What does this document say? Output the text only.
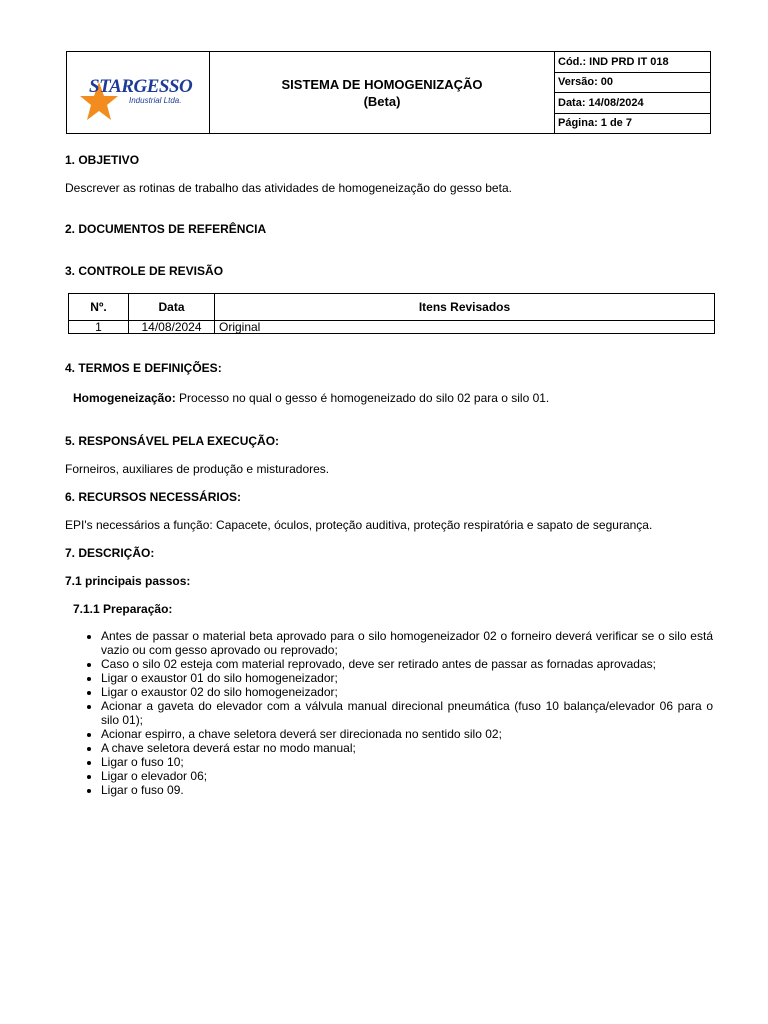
STARGESSO
Industrial Ltda.
SISTEMA DE HOMOGENIZAÇÃO
(Beta)
Cód.: IND PRD IT 018
Versão: 00
Data: 14/08/2024
Página: 1 de 7
1. OBJETIVO
Descrever as rotinas de trabalho das atividades de homogeneização do gesso beta.
2. DOCUMENTOS DE REFERÊNCIA
3. CONTROLE DE REVISÃO
Nº.	Data	Itens Revisados
1	14/08/2024	Original
4. TERMOS E DEFINIÇÕES:
Homogeneização: Processo no qual o gesso é homogeneizado do silo 02 para o silo 01.
5. RESPONSÁVEL PELA EXECUÇÃO:
Forneiros, auxiliares de produção e misturadores.
6. RECURSOS NECESSÁRIOS:
EPI's necessários a função: Capacete, óculos, proteção auditiva, proteção respiratória e sapato de segurança.
7. DESCRIÇÃO:
7.1 principais passos:
7.1.1 Preparação:
• Antes de passar o material beta aprovado para o silo homogeneizador 02 o forneiro deverá verificar se o silo está vazio ou com gesso aprovado ou reprovado;
• Caso o silo 02 esteja com material reprovado, deve ser retirado antes de passar as fornadas aprovadas;
• Ligar o exaustor 01 do silo homogeneizador;
• Ligar o exaustor 02 do silo homogeneizador;
• Acionar a gaveta do elevador com a válvula manual direcional pneumática (fuso 10 balança/elevador 06 para o silo 01);
• Acionar espirro, a chave seletora deverá ser direcionada no sentido silo 02;
• A chave seletora deverá estar no modo manual;
• Ligar o fuso 10;
• Ligar o elevador 06;
• Ligar o fuso 09.
